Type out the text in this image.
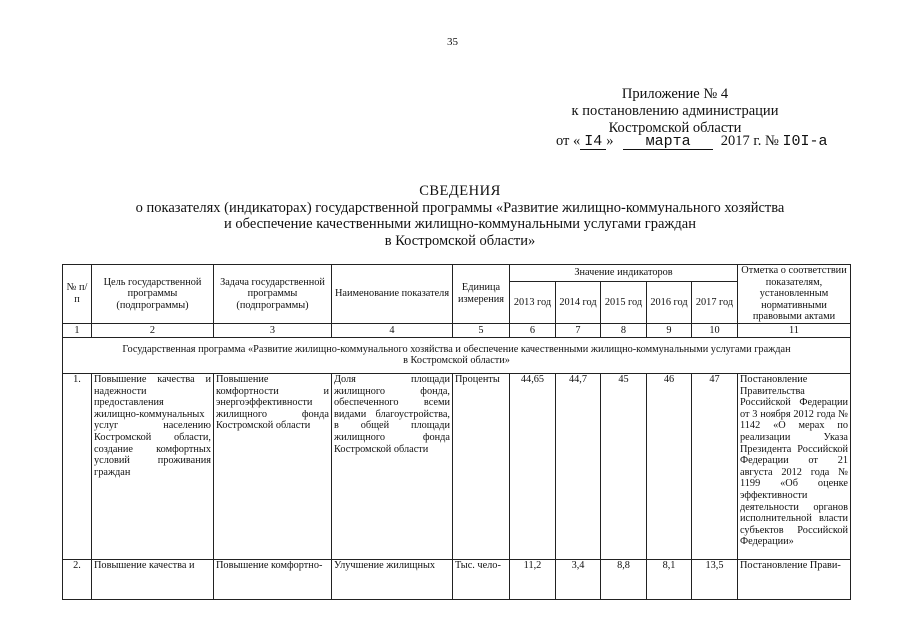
35
Приложение № 4
к постановлению администрации
Костромской области
от « I4 » марта 2017 г. № I0I-а
СВЕДЕНИЯ
о показателях (индикаторах) государственной программы «Развитие жилищно-коммунального хозяйства
и обеспечение качественными жилищно-коммунальными услугами граждан
в Костромской области»
№ п/п	Цель государственной программы (подпрограммы)	Задача государственной программы (подпрограммы)	Наименование показателя	Единица измерения	Значение индикаторов					Отметка о соответствии показателям, установленным нормативными правовыми актами
					2013 год	2014 год	2015 год	2016 год	2017 год	
1	2	3	4	5	6	7	8	9	10	11

Государственная программа «Развитие жилищно-коммунального хозяйства и обеспечение качественными жилищно-коммунальными услугами граждан
в Костромской области»										

1.	Повышение качества и надежности предоставления жилищно-коммунальных услуг населению Костромской области, создание комфортных условий проживания граждан	Повышение комфортности и энергоэффективности жилищного фонда Костромской области	Доля площади жилищного фонда, обеспеченного всеми видами благоустройства, в общей площади жилищного фонда Костромской области	Проценты	44,65	44,7	45	46	47	Постановление Правительства Российской Федерации от 3 ноября 2012 года № 1142 «О мерах по реализации Указа Президента Российской Федерации от 21 августа 2012 года № 1199 «Об оценке эффективности деятельности органов исполнительной власти субъектов Российской Федерации»
2.	Повышение качества и	Повышение комфортно-	Улучшение жилищных	Тыс. чело-	11,2	3,4	8,8	8,1	13,5	Постановление Прави-
